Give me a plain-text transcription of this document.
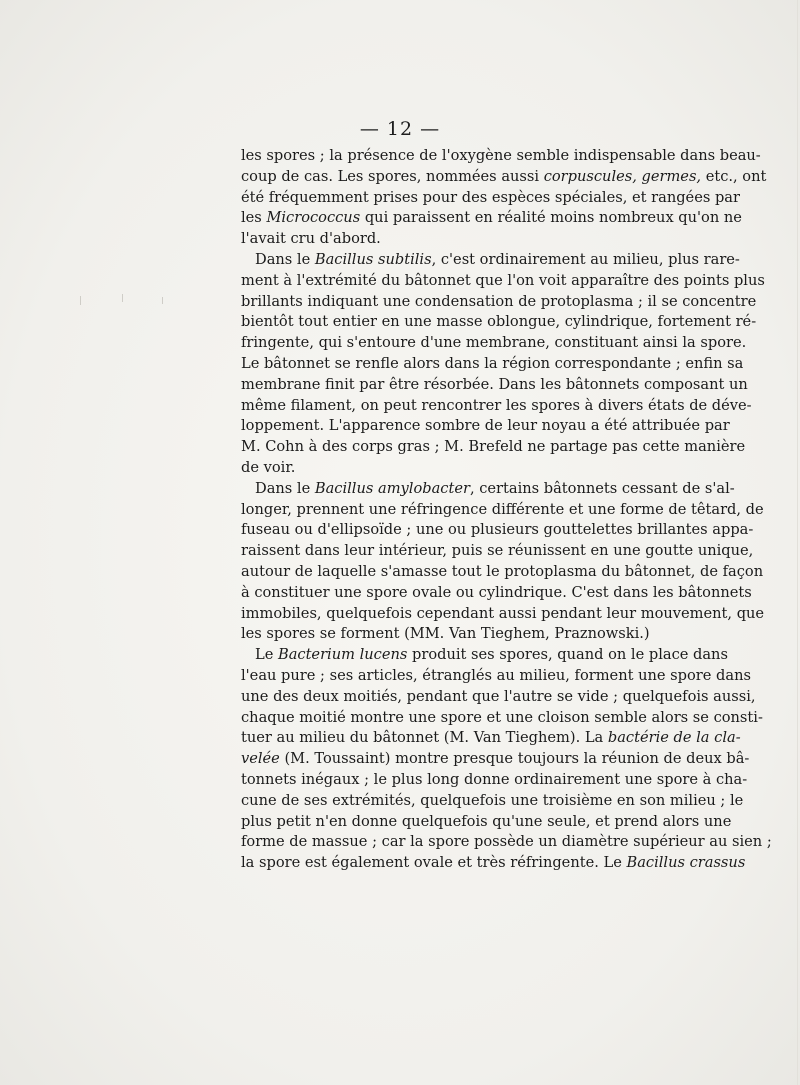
— 12 —
les spores ; la présence de l'oxygène semble indispensable dans beau-
coup de cas. Les spores, nommées aussi corpuscules, germes, etc., ont
été fréquemment prises pour des espèces spéciales, et rangées par
les Micrococcus qui paraissent en réalité moins nombreux qu'on ne
l'avait cru d'abord.
Dans le Bacillus subtilis, c'est ordinairement au milieu, plus rare-
ment à l'extrémité du bâtonnet que l'on voit apparaître des points plus
brillants indiquant une condensation de protoplasma ; il se concentre
bientôt tout entier en une masse oblongue, cylindrique, fortement ré-
fringente, qui s'entoure d'une membrane, constituant ainsi la spore.
Le bâtonnet se renfle alors dans la région correspondante ; enfin sa
membrane finit par être résorbée. Dans les bâtonnets composant un
même filament, on peut rencontrer les spores à divers états de déve-
loppement. L'apparence sombre de leur noyau a été attribuée par
M. Cohn à des corps gras ; M. Brefeld ne partage pas cette manière
de voir.
Dans le Bacillus amylobacter, certains bâtonnets cessant de s'al-
longer, prennent une réfringence différente et une forme de têtard, de
fuseau ou d'ellipsoïde ; une ou plusieurs gouttelettes brillantes appa-
raissent dans leur intérieur, puis se réunissent en une goutte unique,
autour de laquelle s'amasse tout le protoplasma du bâtonnet, de façon
à constituer une spore ovale ou cylindrique. C'est dans les bâtonnets
immobiles, quelquefois cependant aussi pendant leur mouvement, que
les spores se forment (MM. Van Tieghem, Praznowski.)
Le Bacterium lucens produit ses spores, quand on le place dans
l'eau pure ; ses articles, étranglés au milieu, forment une spore dans
une des deux moitiés, pendant que l'autre se vide ; quelquefois aussi,
chaque moitié montre une spore et une cloison semble alors se consti-
tuer au milieu du bâtonnet (M. Van Tieghem). La bactérie de la cla-
velée (M. Toussaint) montre presque toujours la réunion de deux bâ-
tonnets inégaux ; le plus long donne ordinairement une spore à cha-
cune de ses extrémités, quelquefois une troisième en son milieu ; le
plus petit n'en donne quelquefois qu'une seule, et prend alors une
forme de massue ; car la spore possède un diamètre supérieur au sien ;
la spore est également ovale et très réfringente. Le Bacillus crassus
